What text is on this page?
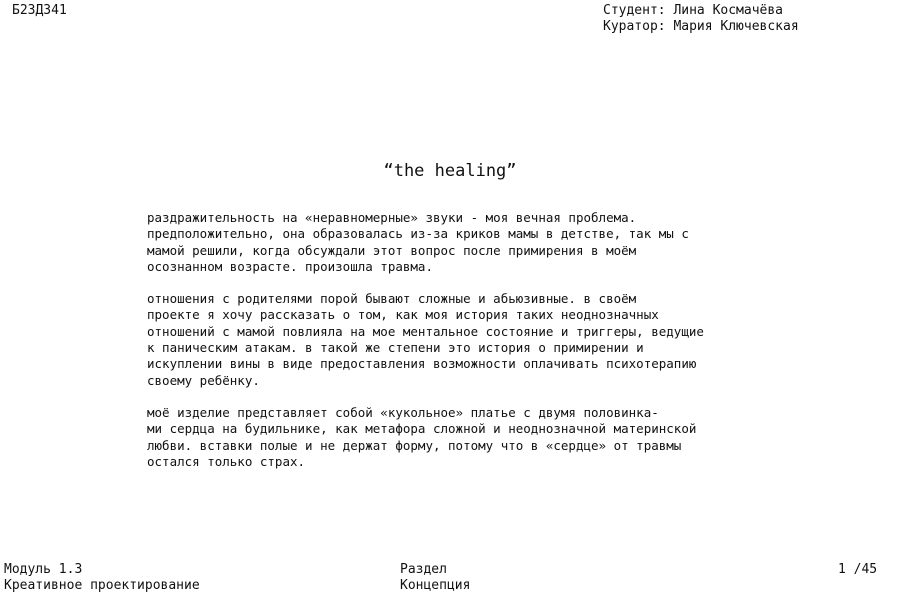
Б23Д341	Студент: Лина Космачёва
Куратор: Мария Ключевская
“the healing”

раздражительность на «неравномерные» звуки - моя вечная проблема.
предположительно, она образовалась из-за криков мамы в детстве, так мы с
мамой решили, когда обсуждали этот вопрос после примирения в моём
осознанном возрасте. произошла травма.

отношения с родителями порой бывают сложные и абьюзивные. в своём
проекте я хочу рассказать о том, как моя история таких неоднозначных
отношений с мамой повлияла на мое ментальное состояние и триггеры, ведущие
к паническим атакам. в такой же степени это история о примирении и
искуплении вины в виде предоставления возможности оплачивать психотерапию
своему ребёнку.

моё изделие представляет собой «кукольное» платье с двумя половинка-
ми сердца на будильнике, как метафора сложной и неоднозначной материнской
любви. вставки полые и не держат форму, потому что в «сердце» от травмы
остался только страх.

Модуль 1.3
Креативное проектирование
Раздел
Концепция
1 /45
